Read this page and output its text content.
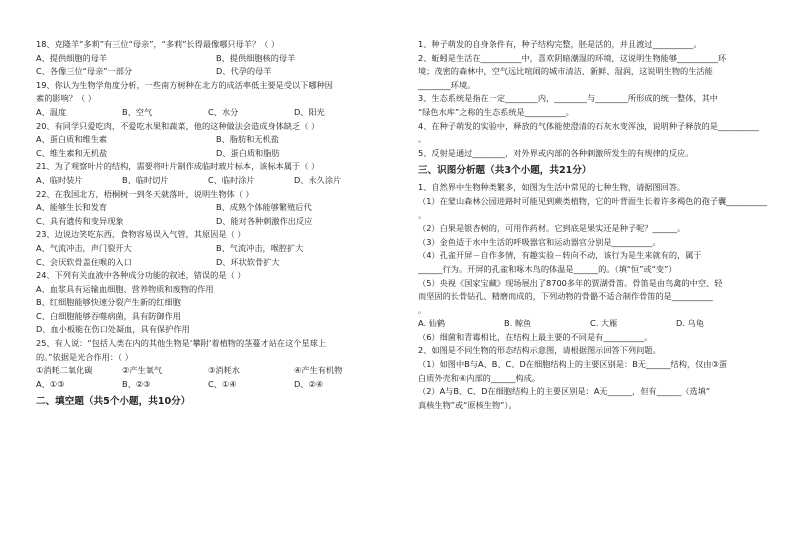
18、克隆羊“多莉”有三位“母亲”，“多莉”长得最像哪只母羊？（ ）
A、提供细胞的母羊	B、提供细胞核的母羊
C、各像三位“母亲”一部分	D、代孕的母羊
19、你认为生物学角度分析，一些南方树种在北方的成活率低主要是受以下哪种因
素的影响？（ ）
A、温度	B、空气	C、水分	D、阳光
20、有同学只爱吃肉，不爱吃水果和蔬菜，他的这种做法会造成身体缺乏（ ）
A、蛋白质和维生素	B、脂肪和无机盐
C、维生素和无机盐	D、蛋白质和脂肪
21、为了观察叶片的结构，需要将叶片制作成临时玻片标本，该标本属于（ ）
A、临时装片	B、临时切片	C、临时涂片	D、永久涂片
22、在我国北方，梧桐树一到冬天就落叶，说明生物体（ ）
A、能够生长和发育	B、成熟个体能够繁殖后代
C、具有遗传和变异现象	D、能对各种刺激作出反应
23、边说边笑吃东西，食物容易误入气管，其原因是（ ）
A、气流冲击，声门裂开大	B、气流冲击，喉腔扩大
C、会厌软骨盖住喉的入口	D、环状软骨扩大
24、下列有关血液中各种成分功能的叙述，错误的是（ ）
A、血浆具有运输血细胞、营养物质和废物的作用
B、红细胞能够快速分裂产生新的红细胞
C、白细胞能够吞噬病菌，具有防御作用
D、血小板能在伤口处凝血，具有保护作用
25、有人说：“包括人类在内的其他生物是‘攀附’着植物的茎蔓才站在这个星球上
的。”依据是光合作用：（ ）
①消耗二氧化碳	②产生氧气	③消耗水	④产生有机物
A、①③	B、②③	C、①④	D、②④
二、填空题（共5个小题，共10分）
1、种子萌发的自身条件有，种子结构完整，胚是活的，并且渡过__________。
2、蚯蚓是生活在__________中，喜欢阴暗潮湿的环境，这说明生物能够__________环
境；茂密的森林中，空气远比喧闹的城市清洁、新鲜、湿润，这说明生物的生活能
________环境。
3、生态系统是指在一定________内，________与________所形成的统一整体，其中
“绿色水库”之称的生态系统是__________。
4、在种子萌发的实验中，释放的气体能使澄清的石灰水变浑浊，说明种子释放的是__________
。
5、反射是通过________，对外界或内部的各种刺激所发生的有规律的反应。
三、识图分析题（共3个小题，共21分）
1、自然界中生物种类繁多，如图为生活中常见的七种生物，请据图回答。
（1）在蒙山森林公园进路时可能见到蕨类植物，它的叶背面生长着许多褐色的孢子囊__________
。
（2）白果是银杏树的，可用作药材。它到底是果实还是种子呢？______。
（3）金鱼适于水中生活的呼吸器官和运动器官分别是__________。
（4）孔雀开屏－自作多情，有趣实验－转向不动，该行为是生来就有的，属于
______行为。开屏的孔雀和啄木鸟的体温是______的。（填“恒”或“变”）
（5）央视《国家宝藏》现场展出了8700多年的贾湖骨笛。骨笛是由鸟禽的中空、轻
而坚固的长骨钻孔、精磨而成的，下列动物的骨骼不适合制作骨笛的是__________
。
A. 仙鹤	B. 鲸鱼	C. 大雁	D. 乌龟
（6）细菌和青霉相比，在结构上最主要的不同是有__________。
2、如图是不同生物的形态结构示意图，请根据图示回答下列问题。
（1）如图中B与A、B、C、D在细胞结构上的主要区别是：B无______结构，仅由③蛋
白质外壳和④内部的______构成。
（2）A与B、C、D在细胞结构上的主要区别是：A无______，但有______（选填“
真核生物”或“原核生物”）。
